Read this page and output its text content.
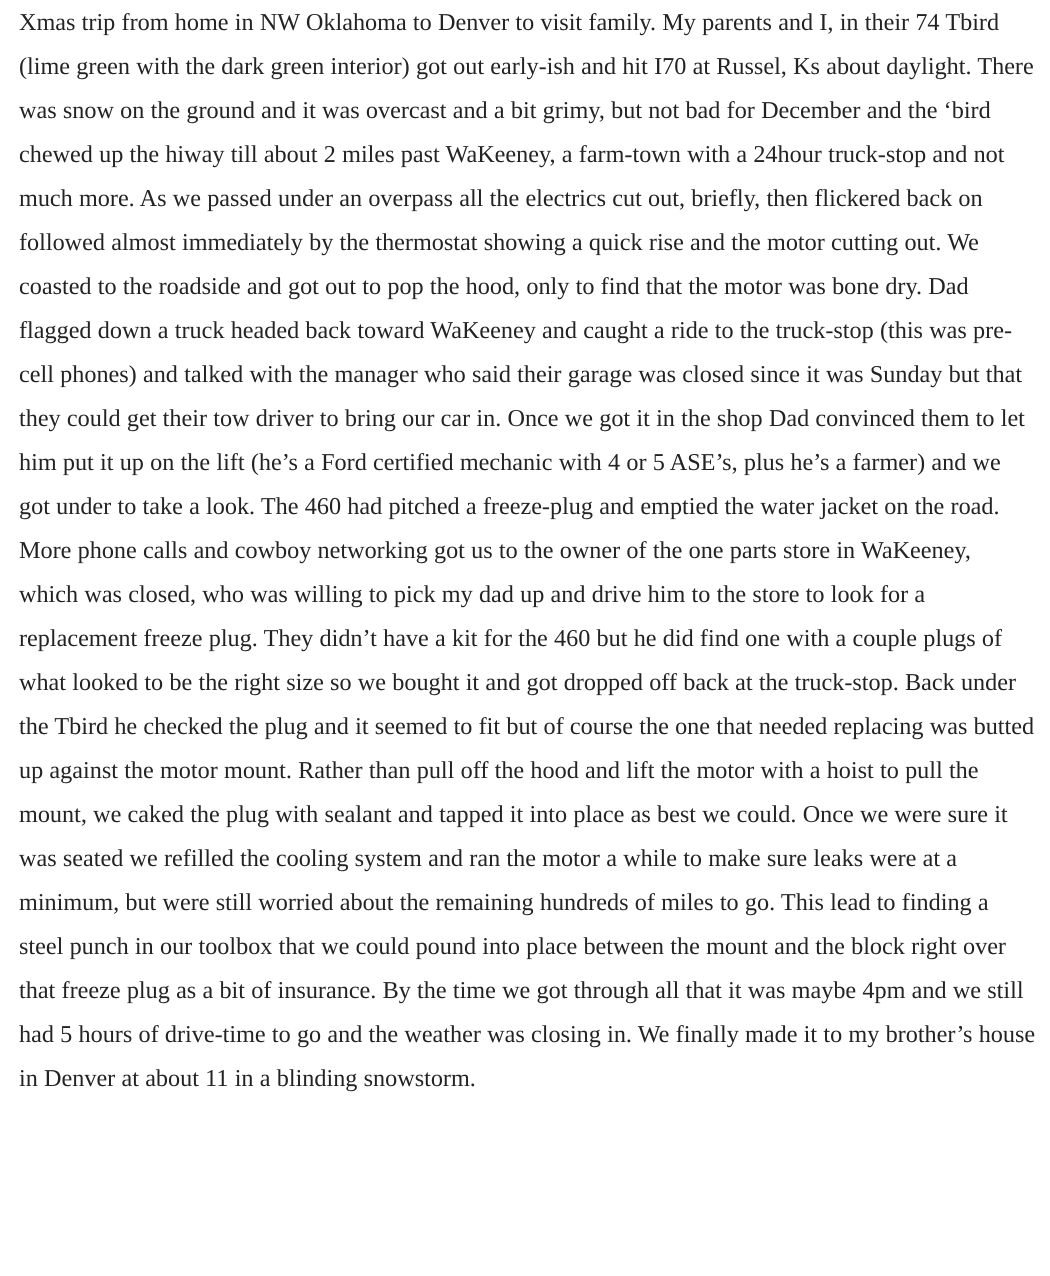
Xmas trip from home in NW Oklahoma to Denver to visit family. My parents and I, in their 74 Tbird (lime green with the dark green interior) got out early-ish and hit I70 at Russel, Ks about daylight. There was snow on the ground and it was overcast and a bit grimy, but not bad for December and the ‘bird chewed up the hiway till about 2 miles past WaKeeney, a farm-town with a 24hour truck-stop and not much more. As we passed under an overpass all the electrics cut out, briefly, then flickered back on followed almost immediately by the thermostat showing a quick rise and the motor cutting out. We coasted to the roadside and got out to pop the hood, only to find that the motor was bone dry. Dad flagged down a truck headed back toward WaKeeney and caught a ride to the truck-stop (this was pre-cell phones) and talked with the manager who said their garage was closed since it was Sunday but that they could get their tow driver to bring our car in. Once we got it in the shop Dad convinced them to let him put it up on the lift (he’s a Ford certified mechanic with 4 or 5 ASE’s, plus he’s a farmer) and we got under to take a look. The 460 had pitched a freeze-plug and emptied the water jacket on the road. More phone calls and cowboy networking got us to the owner of the one parts store in WaKeeney, which was closed, who was willing to pick my dad up and drive him to the store to look for a replacement freeze plug. They didn’t have a kit for the 460 but he did find one with a couple plugs of what looked to be the right size so we bought it and got dropped off back at the truck-stop. Back under the Tbird he checked the plug and it seemed to fit but of course the one that needed replacing was butted up against the motor mount. Rather than pull off the hood and lift the motor with a hoist to pull the mount, we caked the plug with sealant and tapped it into place as best we could. Once we were sure it was seated we refilled the cooling system and ran the motor a while to make sure leaks were at a minimum, but were still worried about the remaining hundreds of miles to go. This lead to finding a steel punch in our toolbox that we could pound into place between the mount and the block right over that freeze plug as a bit of insurance. By the time we got through all that it was maybe 4pm and we still had 5 hours of drive-time to go and the weather was closing in. We finally made it to my brother’s house in Denver at about 11 in a blinding snowstorm.
